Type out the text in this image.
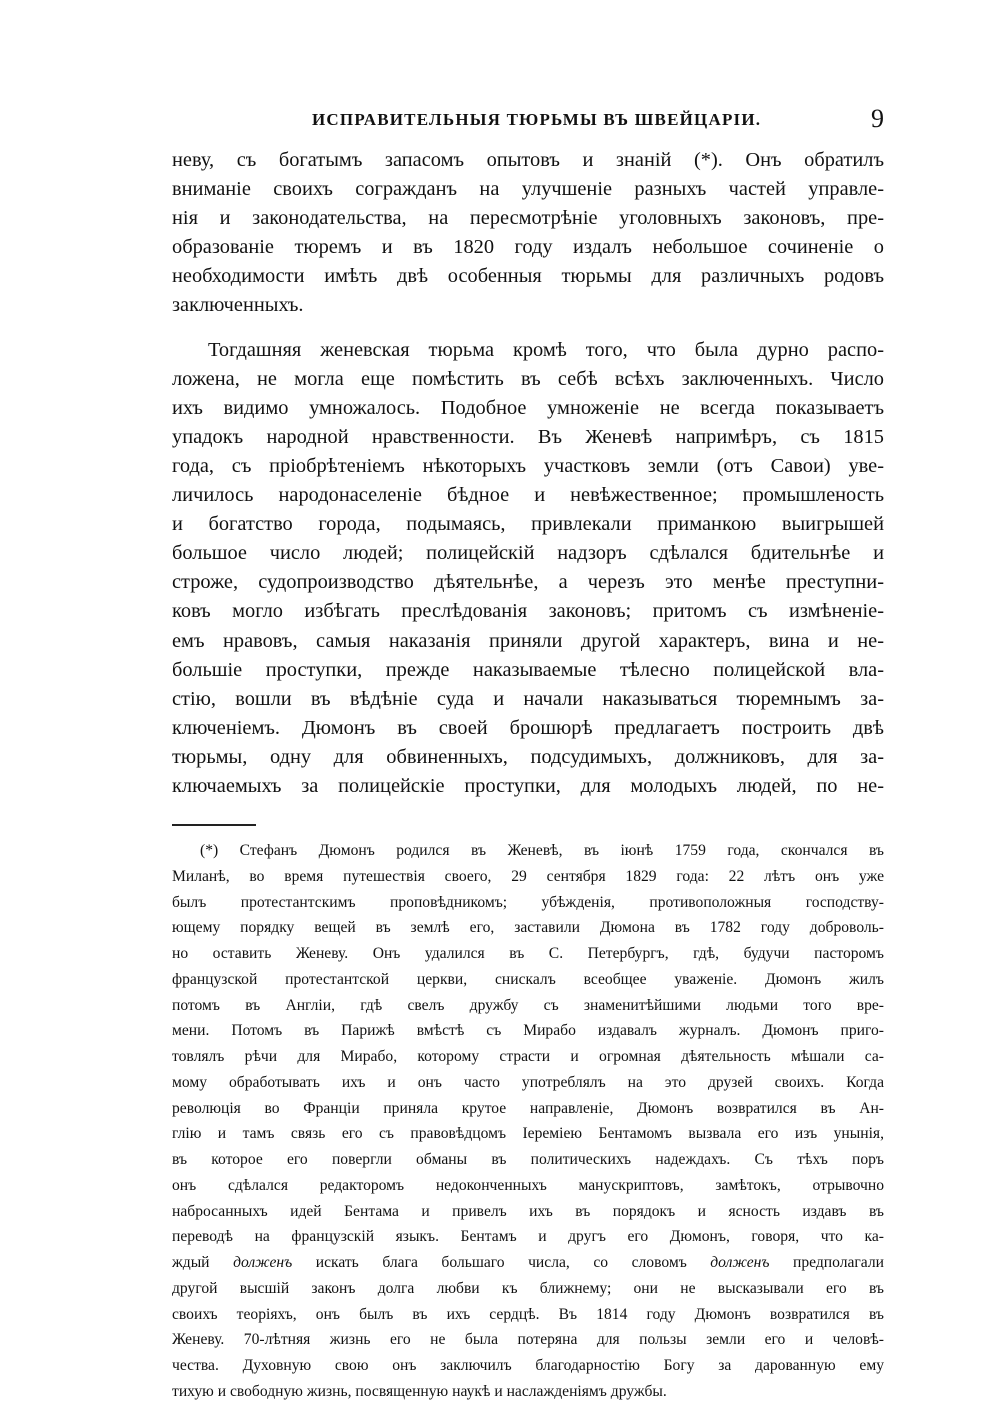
ИСПРАВИТЕЛЬНЫЯ ТЮРЬМЫ ВЪ ШВЕЙЦАРІИ.	9
неву, съ богатымъ запасомъ опытовъ и знаній (*). Онъ обратилъ
вниманіе своихъ согражданъ на улучшеніе разныхъ частей управле-
нія и законодательства, на пересмотрѣніе уголовныхъ законовъ, пре-
образованіе тюремъ и въ 1820 году издалъ небольшое сочиненіе о
необходимости имѣть двѣ особенныя тюрьмы для различныхъ родовъ
заключенныхъ.
Тогдашняя женевская тюрьма кромѣ того, что была дурно распо-
ложена, не могла еще помѣстить въ себѣ всѣхъ заключенныхъ. Число
ихъ видимо умножалось. Подобное умноженіе не всегда показываетъ
упадокъ народной нравственности. Въ Женевѣ напримѣръ, съ 1815
года, съ пріобрѣтеніемъ нѣкоторыхъ участковъ земли (отъ Савои) уве-
личилось народонаселеніе бѣдное и невѣжественное; промышленость
и богатство города, подымаясь, привлекали приманкою выигрышей
большое число людей; полицейскій надзоръ сдѣлался бдительнѣе и
строже, судопроизводство дѣятельнѣе, а черезъ это менѣе преступни-
ковъ могло избѣгать преслѣдованія законовъ; притомъ съ измѣненіе-
емъ нравовъ, самыя наказанія приняли другой характеръ, вина и не-
большіе проступки, прежде наказываемые тѣлесно полицейской вла-
стію, вошли въ вѣдѣніе суда и начали наказываться тюремнымъ за-
ключеніемъ. Дюмонъ въ своей брошюрѣ предлагаетъ построить двѣ
тюрьмы, одну для обвиненныхъ, подсудимыхъ, должниковъ, для за-
ключаемыхъ за полицейскіе проступки, для молодыхъ людей, по не-
(*) Стефанъ Дюмонъ родился въ Женевѣ, въ іюнѣ 1759 года, скончался въ
Миланѣ, во время путешествія своего, 29 сентября 1829 года: 22 лѣтъ онъ уже
былъ протестантскимъ проповѣдникомъ; убѣжденія, противоположныя господству-
ющему порядку вещей въ землѣ его, заставили Дюмона въ 1782 году доброволь-
но оставить Женеву. Онъ удалился въ С. Петербургъ, гдѣ, будучи пасторомъ
французской протестантской церкви, снискалъ всеобщее уваженіе. Дюмонъ жилъ
потомъ въ Англіи, гдѣ свелъ дружбу съ знаменитѣйшими людьми того вре-
мени. Потомъ въ Парижѣ вмѣстѣ съ Мирабо издавалъ журналъ. Дюмонъ приго-
товлялъ рѣчи для Мирабо, которому страсти и огромная дѣятельность мѣшали са-
мому обработывать ихъ и онъ часто употреблялъ на это друзей своихъ. Когда
революція во Франціи приняла крутое направленіе, Дюмонъ возвратился въ Ан-
глію и тамъ связь его съ правовѣдцомъ Іереміею Бентамомъ вызвала его изъ унынія,
въ которое его повергли обманы въ политическихъ надеждахъ. Съ тѣхъ поръ
онъ сдѣлался редакторомъ недоконченныхъ манускриптовъ, замѣтокъ, отрывочно
набросанныхъ идей Бентама и привелъ ихъ въ порядокъ и ясность издавъ въ
переводѣ на французскій языкъ. Бентамъ и другъ его Дюмонъ, говоря, что ка-
ждый долженъ искать блага большаго числа, со словомъ долженъ предполагали
другой высшій законъ долга любви къ ближнему; они не высказывали его въ
своихъ теоріяхъ, онъ былъ въ ихъ сердцѣ. Въ 1814 году Дюмонъ возвратился въ
Женеву. 70-лѣтняя жизнь его не была потеряна для пользы земли его и человѣ-
чества. Духовную свою онъ заключилъ благодарностію Богу за дарованную ему
тихую и свободную жизнь, посвященную наукѣ и наслажденіямъ дружбы.
